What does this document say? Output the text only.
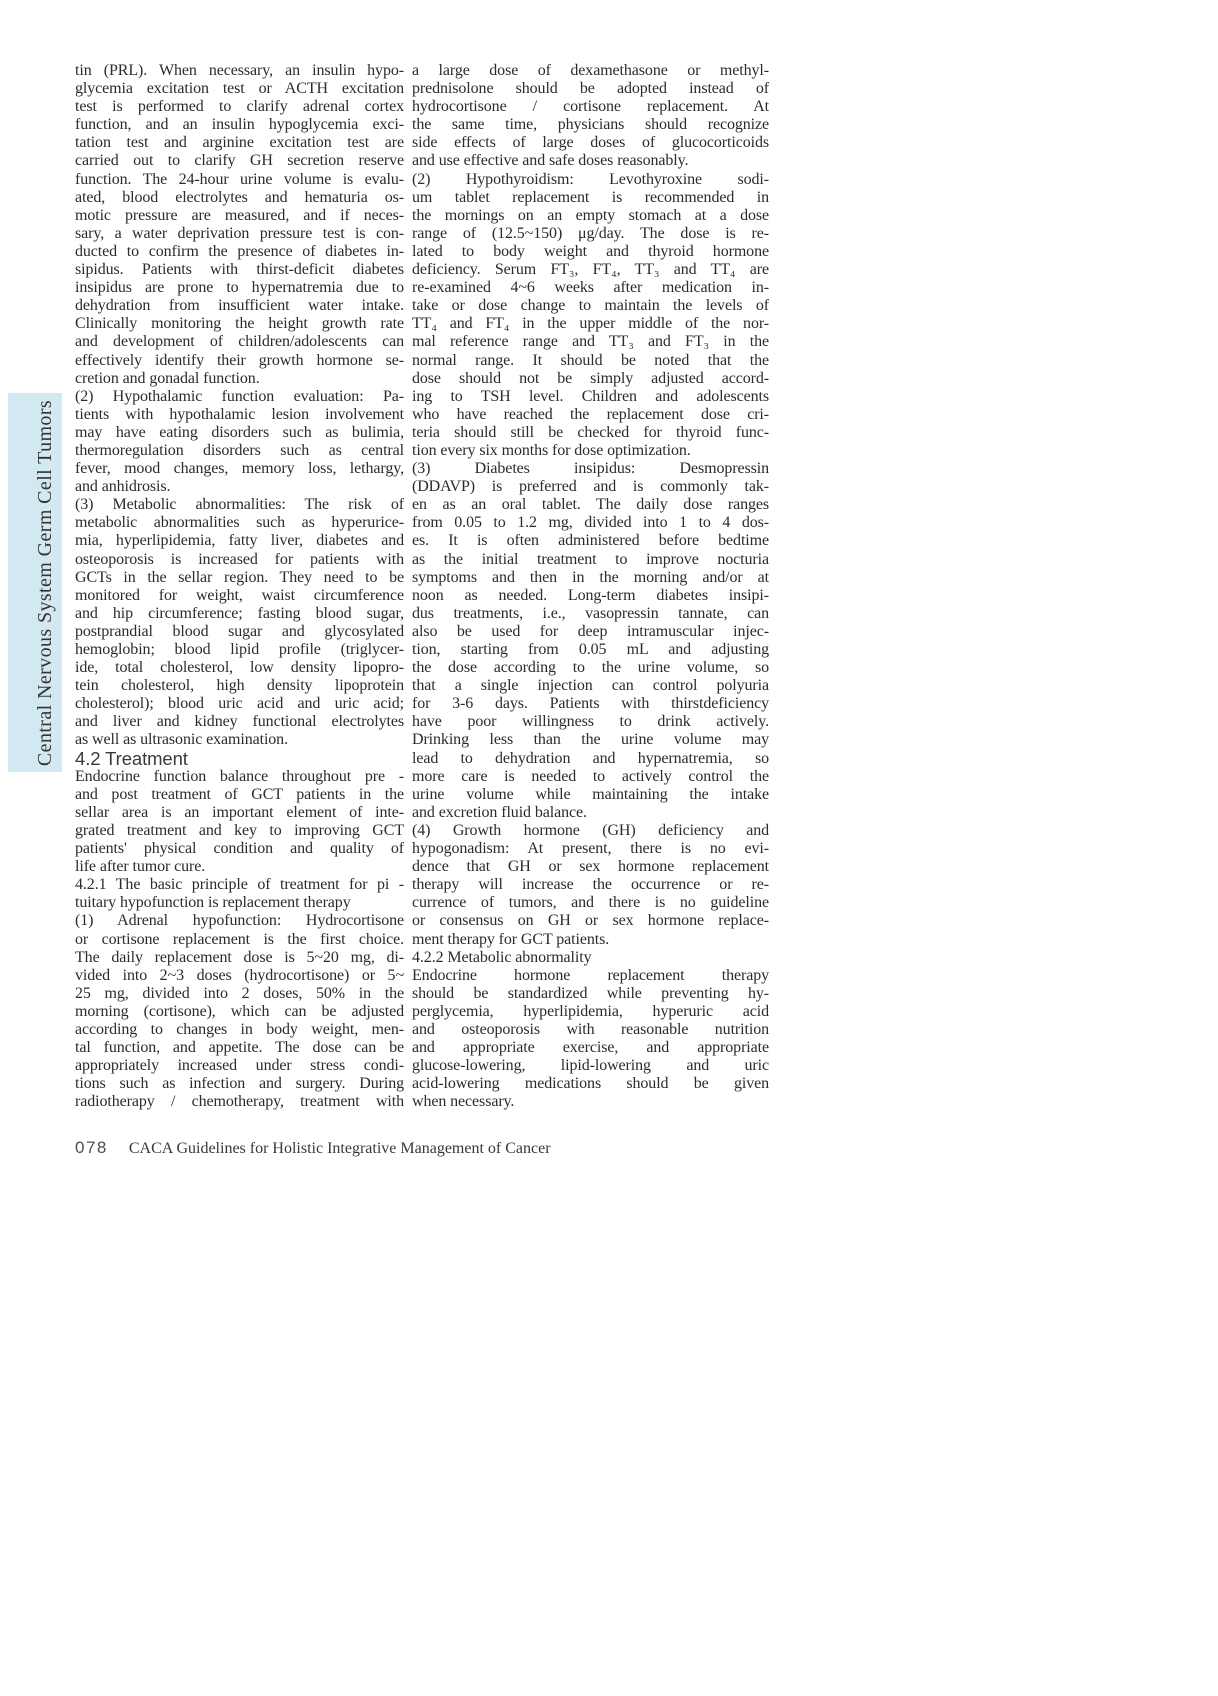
Central Nervous System Germ Cell Tumors
tin (PRL). When necessary, an insulin hypo-
glycemia excitation test or ACTH excitation
test is performed to clarify adrenal cortex
function, and an insulin hypoglycemia exci-
tation test and arginine excitation test are
carried out to clarify GH secretion reserve
function. The 24-hour urine volume is evalu-
ated, blood electrolytes and hematuria os-
motic pressure are measured, and if neces-
sary, a water deprivation pressure test is con-
ducted to confirm the presence of diabetes in-
sipidus. Patients with thirst-deficit diabetes
insipidus are prone to hypernatremia due to
dehydration from insufficient water intake.
Clinically monitoring the height growth rate
and development of children/adolescents can
effectively identify their growth hormone se-
cretion and gonadal function.
(2) Hypothalamic function evaluation: Pa-
tients with hypothalamic lesion involvement
may have eating disorders such as bulimia,
thermoregulation disorders such as central
fever, mood changes, memory loss, lethargy,
and anhidrosis.
(3) Metabolic abnormalities: The risk of
metabolic abnormalities such as hyperurice-
mia, hyperlipidemia, fatty liver, diabetes and
osteoporosis is increased for patients with
GCTs in the sellar region. They need to be
monitored for weight, waist circumference
and hip circumference; fasting blood sugar,
postprandial blood sugar and glycosylated
hemoglobin; blood lipid profile (triglycer-
ide, total cholesterol, low density lipopro-
tein cholesterol, high density lipoprotein
cholesterol); blood uric acid and uric acid;
and liver and kidney functional electrolytes
as well as ultrasonic examination.
4.2 Treatment
Endocrine function balance throughout pre -
and post treatment of GCT patients in the
sellar area is an important element of inte-
grated treatment and key to improving GCT
patients' physical condition and quality of
life after tumor cure.
4.2.1 The basic principle of treatment for pi -
tuitary hypofunction is replacement therapy
(1) Adrenal hypofunction: Hydrocortisone
or cortisone replacement is the first choice.
The daily replacement dose is 5~20 mg, di-
vided into 2~3 doses (hydrocortisone) or 5~
25 mg, divided into 2 doses, 50% in the
morning (cortisone), which can be adjusted
according to changes in body weight, men-
tal function, and appetite. The dose can be
appropriately increased under stress condi-
tions such as infection and surgery. During
radiotherapy / chemotherapy, treatment with
a large dose of dexamethasone or methyl-
prednisolone should be adopted instead of
hydrocortisone / cortisone replacement. At
the same time, physicians should recognize
side effects of large doses of glucocorticoids
and use effective and safe doses reasonably.
(2) Hypothyroidism: Levothyroxine sodi-
um tablet replacement is recommended in
the mornings on an empty stomach at a dose
range of (12.5~150) μg/day. The dose is re-
lated to body weight and thyroid hormone
deficiency. Serum FT₃, FT₄, TT₃ and TT₄ are
re-examined 4~6 weeks after medication in-
take or dose change to maintain the levels of
TT₄ and FT₄ in the upper middle of the nor-
mal reference range and TT₃ and FT₃ in the
normal range. It should be noted that the
dose should not be simply adjusted accord-
ing to TSH level. Children and adolescents
who have reached the replacement dose cri-
teria should still be checked for thyroid func-
tion every six months for dose optimization.
(3) Diabetes insipidus: Desmopressin
(DDAVP) is preferred and is commonly tak-
en as an oral tablet. The daily dose ranges
from 0.05 to 1.2 mg, divided into 1 to 4 dos-
es. It is often administered before bedtime
as the initial treatment to improve nocturia
symptoms and then in the morning and/or at
noon as needed. Long-term diabetes insipi-
dus treatments, i.e., vasopressin tannate, can
also be used for deep intramuscular injec-
tion, starting from 0.05 mL and adjusting
the dose according to the urine volume, so
that a single injection can control polyuria
for 3-6 days. Patients with thirstdeficiency
have poor willingness to drink actively.
Drinking less than the urine volume may
lead to dehydration and hypernatremia, so
more care is needed to actively control the
urine volume while maintaining the intake
and excretion fluid balance.
(4) Growth hormone (GH) deficiency and
hypogonadism: At present, there is no evi-
dence that GH or sex hormone replacement
therapy will increase the occurrence or re-
currence of tumors, and there is no guideline
or consensus on GH or sex hormone replace-
ment therapy for GCT patients.
4.2.2 Metabolic abnormality
Endocrine hormone replacement therapy
should be standardized while preventing hy-
perglycemia, hyperlipidemia, hyperuric acid
and osteoporosis with reasonable nutrition
and appropriate exercise, and appropriate
glucose-lowering, lipid-lowering and uric
acid-lowering medications should be given
when necessary.
078 CACA Guidelines for Holistic Integrative Management of Cancer
